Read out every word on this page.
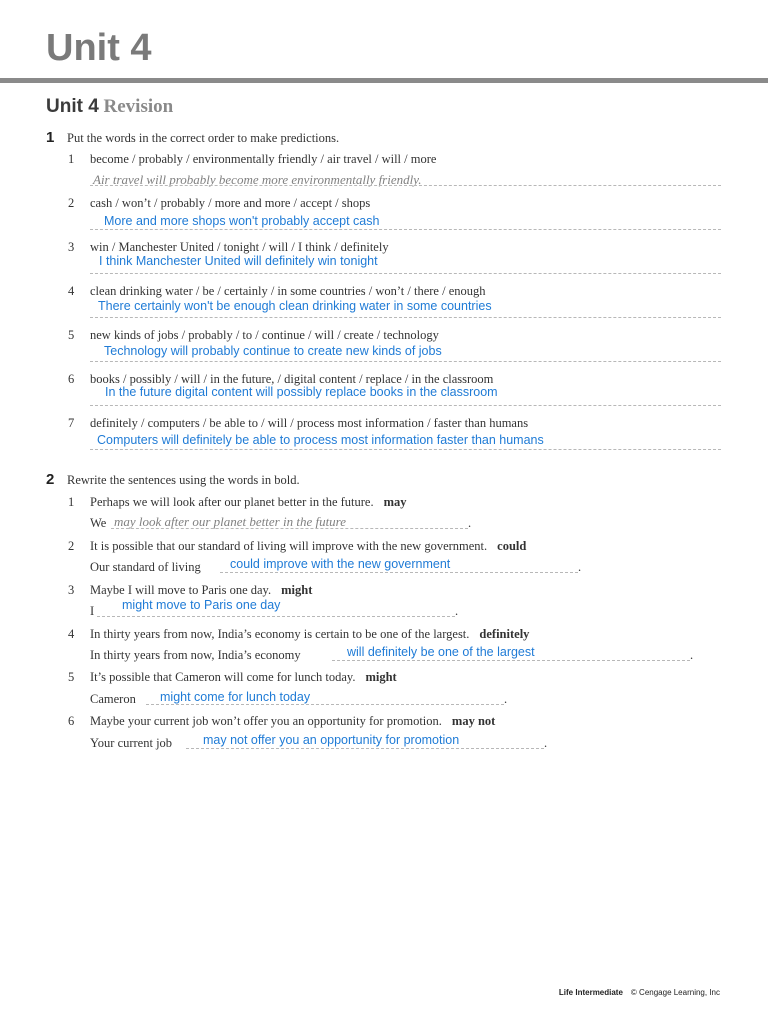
Unit 4
Unit 4 Revision
1 Put the words in the correct order to make predictions.
1 become / probably / environmentally friendly / air travel / will / more
Air travel will probably become more environmentally friendly.
2 cash / won’t / probably / more and more / accept / shops
More and more shops won't probably accept cash
3 win / Manchester United / tonight / will / I think / definitely
I think Manchester United will definitely win tonight
4 clean drinking water / be / certainly / in some countries / won’t / there / enough
There certainly won't be enough clean drinking water in some countries
5 new kinds of jobs / probably / to / continue / will / create / technology
Technology will probably continue to create new kinds of jobs
6 books / possibly / will / in the future, / digital content / replace / in the classroom
In the future digital content will possibly replace books in the classroom
7 definitely / computers / be able to / will / process most information / faster than humans
Computers will definitely be able to process most information faster than humans
2 Rewrite the sentences using the words in bold.
1 Perhaps we will look after our planet better in the future. may
We may look after our planet better in the future	.
2 It is possible that our standard of living will improve with the new government. could
Our standard of living could improve with the new government	.
3 Maybe I will move to Paris one day. might
I might move to Paris one day	.
4 In thirty years from now, India’s economy is certain to be one of the largest. definitely
In thirty years from now, India’s economy	will definitely be one of the largest	.
5 It’s possible that Cameron will come for lunch today. might
Cameron might come for lunch today	.
6 Maybe your current job won’t offer you an opportunity for promotion. may not
Your current job may not offer you an opportunity for promotion	.
Life Intermediate © Cengage Learning, Inc
